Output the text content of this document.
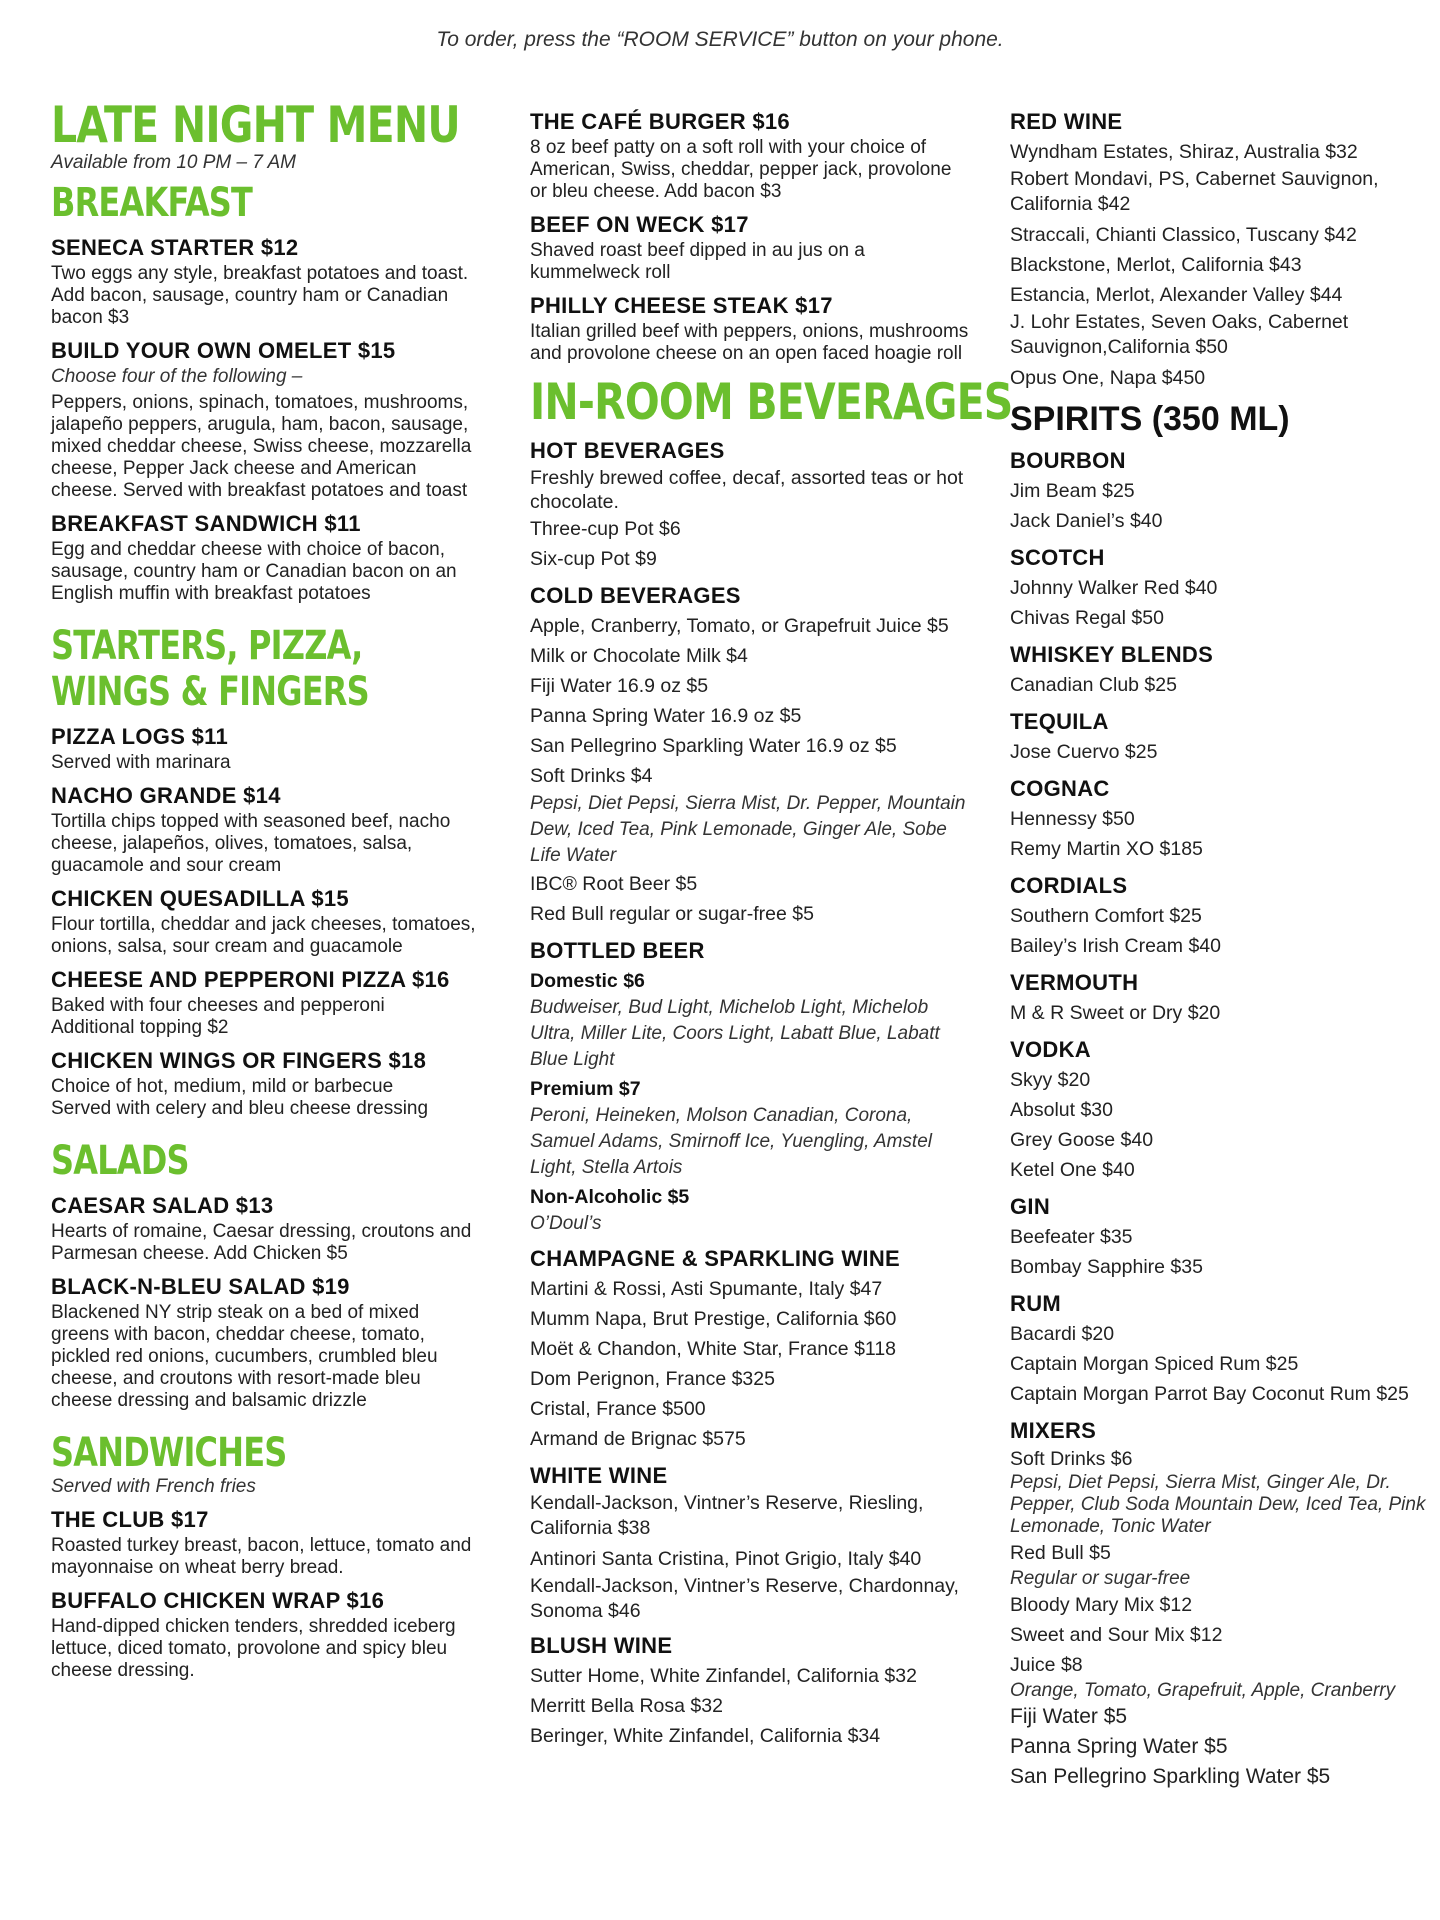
To order, press the “ROOM SERVICE” button on your phone.
LATE NIGHT MENU
Available from 10 PM – 7 AM
BREAKFAST
SENECA STARTER $12

Two eggs any style, breakfast potatoes and toast. Add bacon, sausage, country ham or Canadian bacon $3

BUILD YOUR OWN OMELET $15

Choose four of the following –

Peppers, onions, spinach, tomatoes, mushrooms, jalapeño peppers, arugula, ham, bacon, sausage, mixed cheddar cheese, Swiss cheese, mozzarella cheese, Pepper Jack cheese and American cheese. Served with breakfast potatoes and toast

BREAKFAST SANDWICH $11

Egg and cheddar cheese with choice of bacon, sausage, country ham or Canadian bacon on an English muffin with breakfast potatoes

STARTERS, PIZZA, WINGS & FINGERS
PIZZA LOGS $11

Served with marinara

NACHO GRANDE $14

Tortilla chips topped with seasoned beef, nacho cheese, jalapeños, olives, tomatoes, salsa, guacamole and sour cream

CHICKEN QUESADILLA $15

Flour tortilla, cheddar and jack cheeses, tomatoes, onions, salsa, sour cream and guacamole

CHEESE AND PEPPERONI PIZZA $16

Baked with four cheeses and pepperoni

Additional topping $2

CHICKEN WINGS OR FINGERS $18

Choice of hot, medium, mild or barbecue

Served with celery and bleu cheese dressing

SALADS
CAESAR SALAD $13

Hearts of romaine, Caesar dressing, croutons and Parmesan cheese. Add Chicken $5

BLACK-N-BLEU SALAD $19

Blackened NY strip steak on a bed of mixed greens with bacon, cheddar cheese, tomato, pickled red onions, cucumbers, crumbled bleu cheese, and croutons with resort-made bleu cheese dressing and balsamic drizzle

SANDWICHES
Served with French fries
THE CLUB $17

Roasted turkey breast, bacon, lettuce, tomato and mayonnaise on wheat berry bread.

BUFFALO CHICKEN WRAP $16

Hand-dipped chicken tenders, shredded iceberg lettuce, diced tomato, provolone and spicy bleu cheese dressing.

THE CAFÉ BURGER $16

8 oz beef patty on a soft roll with your choice of American, Swiss, cheddar, pepper jack, provolone or bleu cheese. Add bacon $3

BEEF ON WECK $17

Shaved roast beef dipped in au jus on a kummelweck roll

PHILLY CHEESE STEAK $17

Italian grilled beef with peppers, onions, mushrooms and provolone cheese on an open faced hoagie roll

IN-ROOM BEVERAGES
HOT BEVERAGES

Freshly brewed coffee, decaf, assorted teas or hot chocolate.

Three-cup Pot $6

Six-cup Pot $9

COLD BEVERAGES

Apple, Cranberry, Tomato, or Grapefruit Juice $5

Milk or Chocolate Milk $4

Fiji Water 16.9 oz $5

Panna Spring Water 16.9 oz $5

San Pellegrino Sparkling Water 16.9 oz $5

Soft Drinks $4

Pepsi, Diet Pepsi, Sierra Mist, Dr. Pepper, Mountain Dew, Iced Tea, Pink Lemonade, Ginger Ale, Sobe Life Water

IBC® Root Beer $5

Red Bull regular or sugar-free $5

BOTTLED BEER
Domestic $6

Budweiser, Bud Light, Michelob Light, Michelob Ultra, Miller Lite, Coors Light, Labatt Blue, Labatt Blue Light

Premium $7

Peroni, Heineken, Molson Canadian, Corona, Samuel Adams, Smirnoff Ice, Yuengling, Amstel Light, Stella Artois

Non-Alcoholic $5

O’Doul’s

CHAMPAGNE & SPARKLING WINE

Martini & Rossi, Asti Spumante, Italy $47

Mumm Napa, Brut Prestige, California $60

Moët & Chandon, White Star, France $118

Dom Perignon, France $325

Cristal, France $500

Armand de Brignac $575

WHITE WINE

Kendall-Jackson, Vintner’s Reserve, Riesling, California $38

Antinori Santa Cristina, Pinot Grigio, Italy $40

Kendall-Jackson, Vintner’s Reserve, Chardonnay, Sonoma $46

BLUSH WINE

Sutter Home, White Zinfandel, California $32

Merritt Bella Rosa $32

Beringer, White Zinfandel, California $34

RED WINE

Wyndham Estates, Shiraz, Australia $32

Robert Mondavi, PS, Cabernet Sauvignon, California $42

Straccali, Chianti Classico, Tuscany $42

Blackstone, Merlot, California $43

Estancia, Merlot, Alexander Valley $44

J. Lohr Estates, Seven Oaks, Cabernet Sauvignon,California $50

Opus One, Napa $450

SPIRITS (350 ML)
BOURBON

Jim Beam $25

Jack Daniel’s $40

SCOTCH

Johnny Walker Red $40

Chivas Regal $50

WHISKEY BLENDS

Canadian Club $25

TEQUILA

Jose Cuervo $25

COGNAC

Hennessy $50

Remy Martin XO $185

CORDIALS

Southern Comfort $25

Bailey’s Irish Cream $40

VERMOUTH

M & R Sweet or Dry $20

VODKA

Skyy $20

Absolut $30

Grey Goose $40

Ketel One $40

GIN

Beefeater $35

Bombay Sapphire $35

RUM

Bacardi $20

Captain Morgan Spiced Rum $25

Captain Morgan Parrot Bay Coconut Rum $25

MIXERS

Soft Drinks $6

Pepsi, Diet Pepsi, Sierra Mist, Ginger Ale, Dr. Pepper, Club Soda Mountain Dew, Iced Tea, Pink Lemonade, Tonic Water

Red Bull $5

Regular or sugar-free

Bloody Mary Mix $12

Sweet and Sour Mix $12

Juice $8

Orange, Tomato, Grapefruit, Apple, Cranberry

Fiji Water $5

Panna Spring Water $5

San Pellegrino Sparkling Water $5
